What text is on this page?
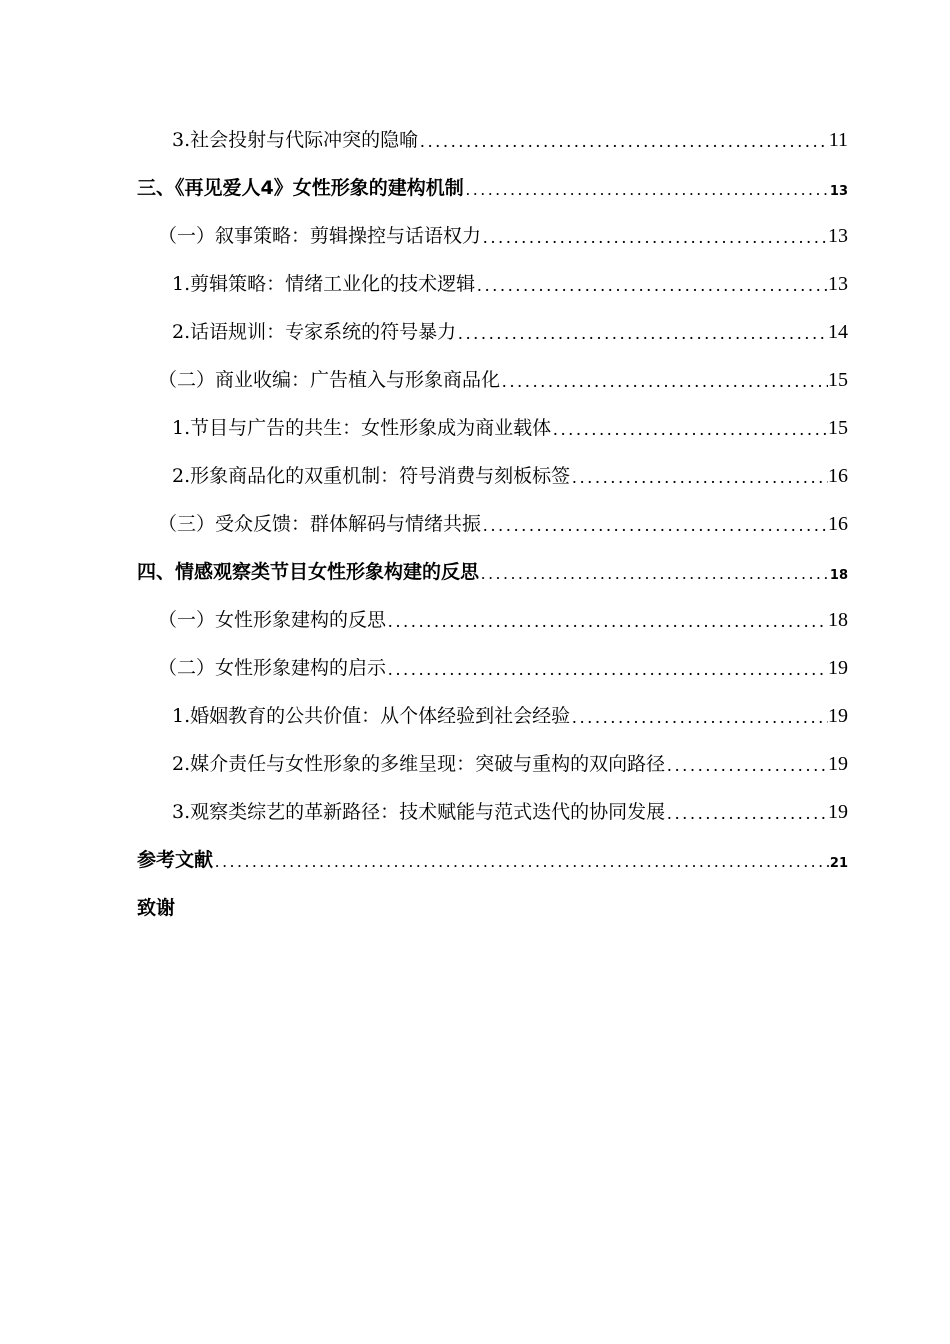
3.社会投射与代际冲突的隐喻 .....	11
三、《再见爱人4》女性形象的建构机制 .....	13
（一）叙事策略：剪辑操控与话语权力 .....	13
1.剪辑策略：情绪工业化的技术逻辑 .....	13
2.话语规训：专家系统的符号暴力 .....	14
（二）商业收编：广告植入与形象商品化 .....	15
1.节目与广告的共生：女性形象成为商业载体 .....	15
2.形象商品化的双重机制：符号消费与刻板标签 .....	16
（三）受众反馈：群体解码与情绪共振 .....	16
四、情感观察类节目女性形象构建的反思 .....	18
（一）女性形象建构的反思 .....	18
（二）女性形象建构的启示 .....	19
1.婚姻教育的公共价值：从个体经验到社会经验 .....	19
2.媒介责任与女性形象的多维呈现：突破与重构的双向路径 .....	19
3.观察类综艺的革新路径：技术赋能与范式迭代的协同发展 .....	19
参考文献 .....	21
致谢
